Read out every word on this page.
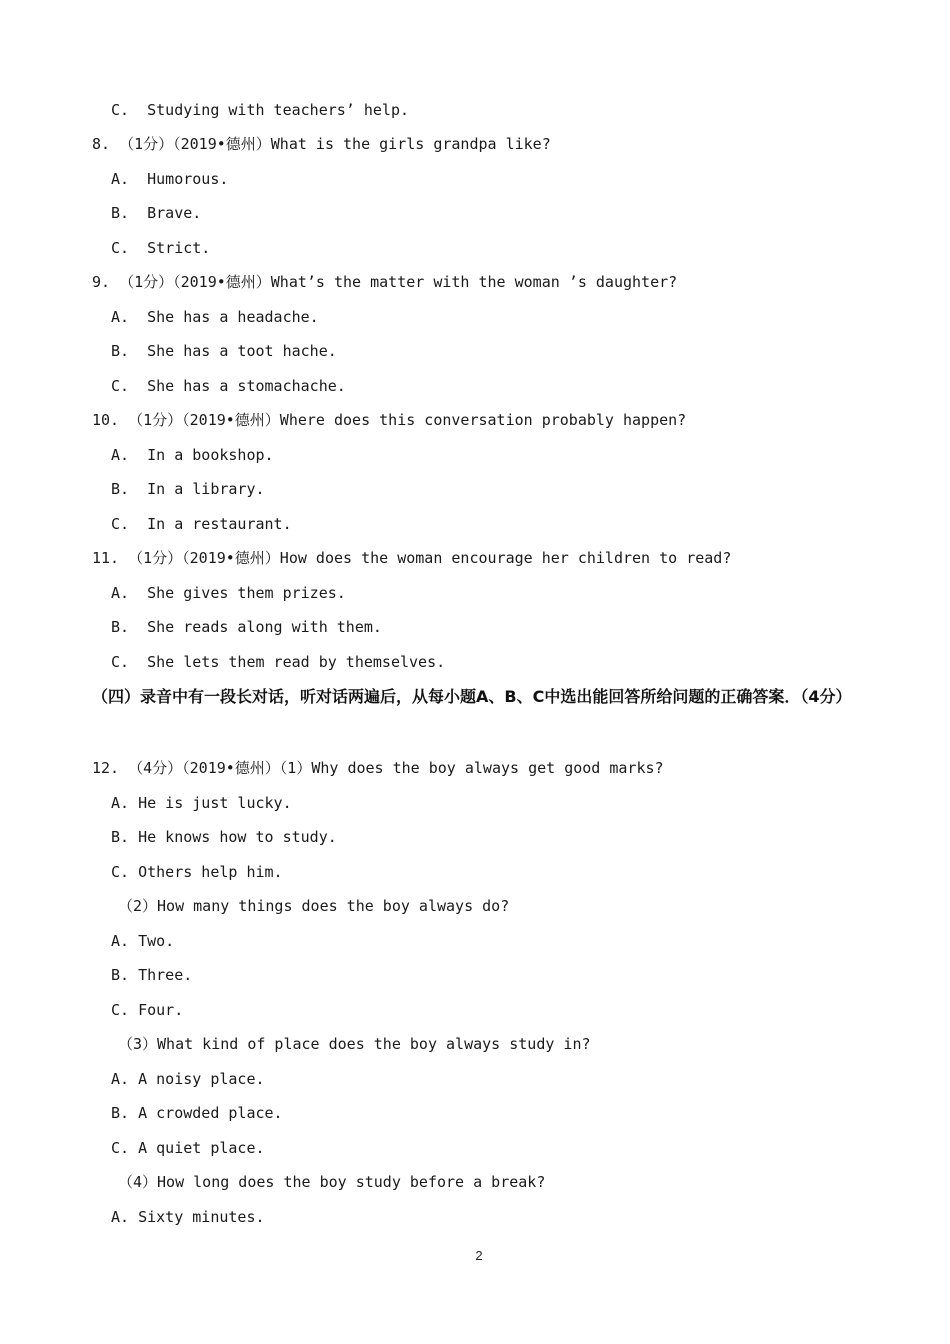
C.  Studying with teachers’ help.
8. （1分）（2019•德州）What is the girls grandpa like?
A.  Humorous.
B.  Brave.
C.  Strict.
9. （1分）（2019•德州）What’s the matter with the woman ’s daughter?
A.  She has a headache.
B.  She has a toot hache.
C.  She has a stomachache.
10. （1分）（2019•德州）Where does this conversation probably happen?
A.  In a bookshop.
B.  In a library.
C.  In a restaurant.
11. （1分）（2019•德州）How does the woman encourage her children to read?
A.  She gives them prizes.
B.  She reads along with them.
C.  She lets them read by themselves.
（四）录音中有一段长对话，听对话两遍后，从每小题A、B、C中选出能回答所给问题的正确答案．（4分）
12. （4分）（2019•德州）（1）Why does the boy always get good marks?
A. He is just lucky.
B. He knows how to study.
C. Others help him.
（2）How many things does the boy always do?
A. Two.
B. Three.
C. Four.
（3）What kind of place does the boy always study in?
A. A noisy place.
B. A crowded place.
C. A quiet place.
（4）How long does the boy study before a break?
A. Sixty minutes.
2
